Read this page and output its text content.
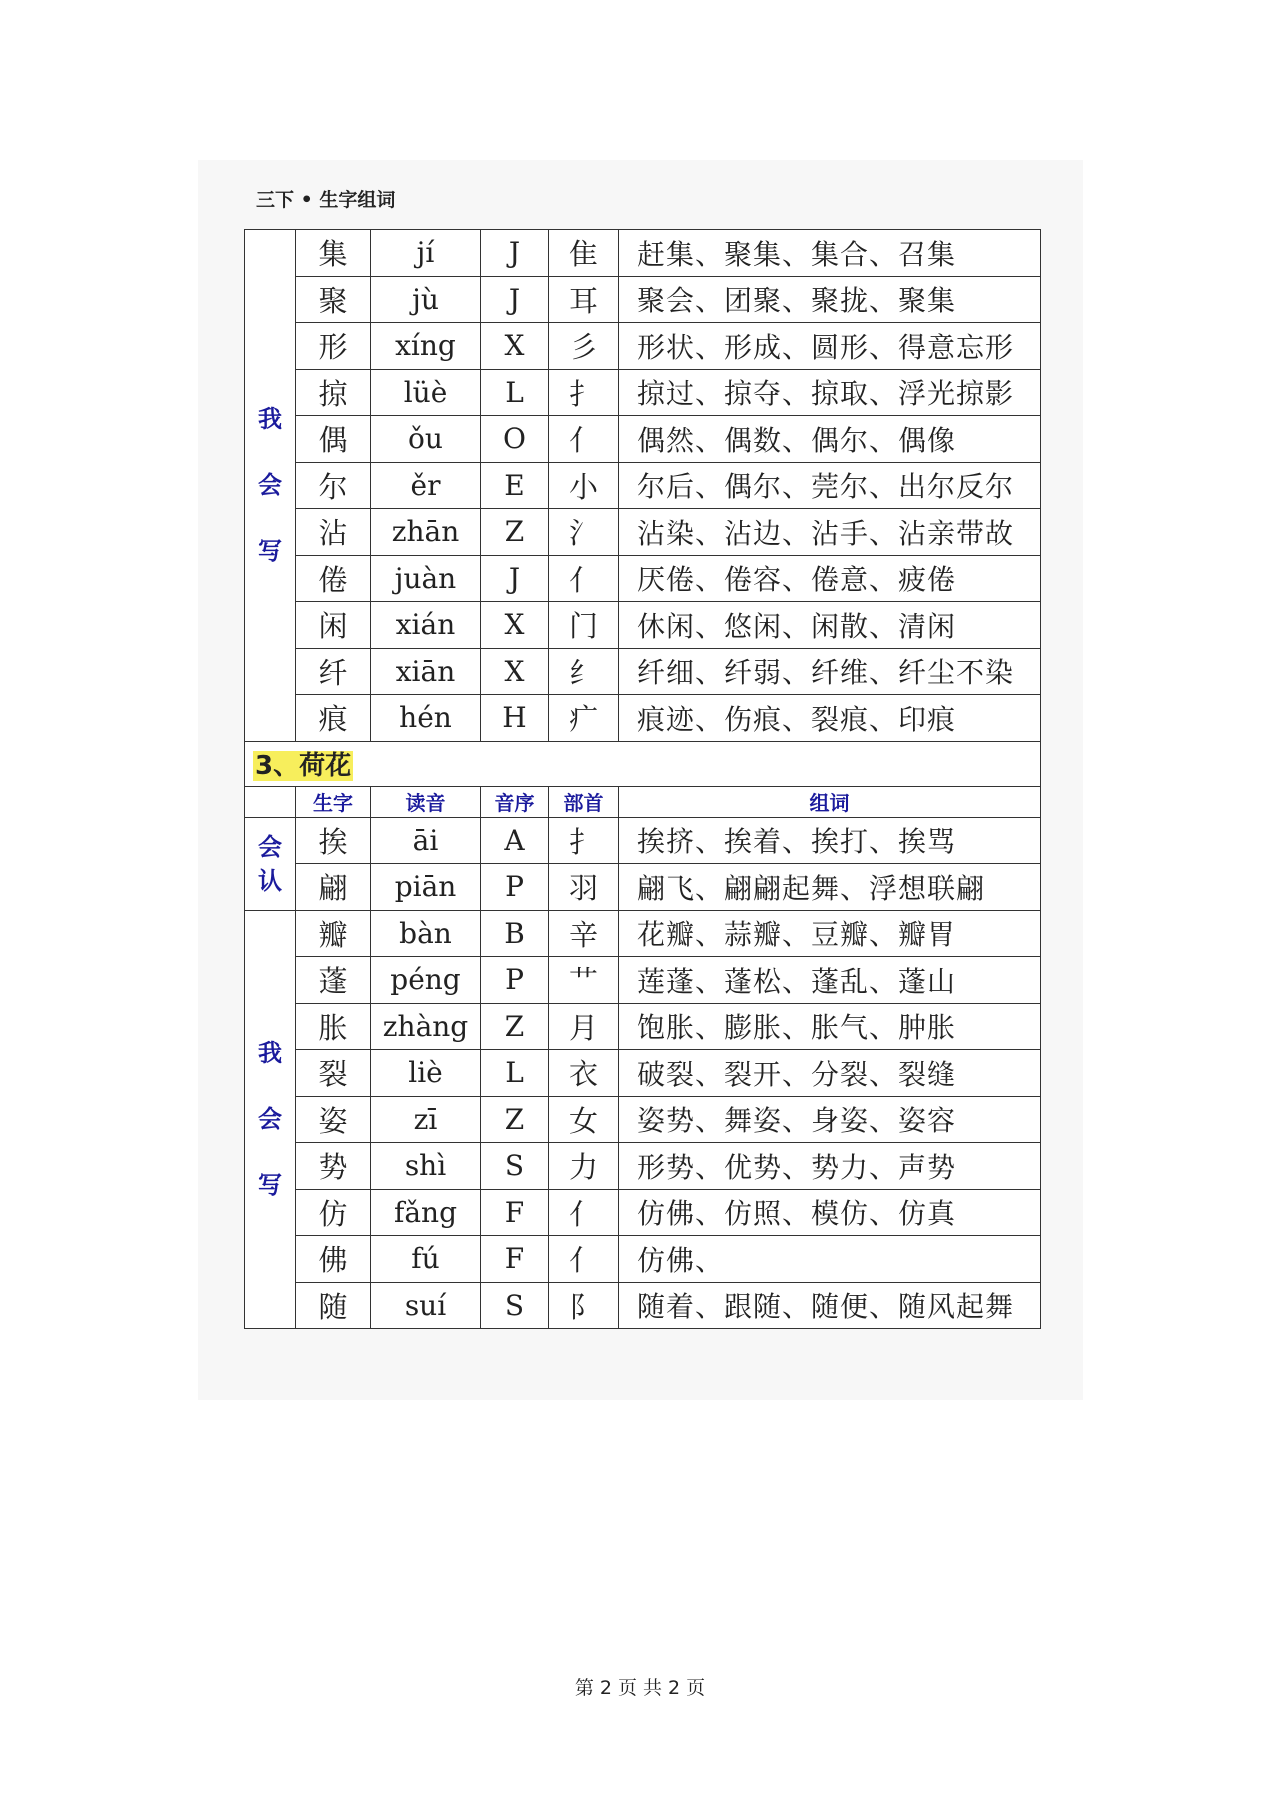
三下 • 生字组词
我
会
写	集	jí	J	隹	赶集、聚集、集合、召集
	聚	jù	J	耳	聚会、团聚、聚拢、聚集
	形	xíng	X	彡	形状、形成、圆形、得意忘形
	掠	lüè	L	扌	掠过、掠夺、掠取、浮光掠影
	偶	ǒu	O	亻	偶然、偶数、偶尔、偶像
	尔	ěr	E	小	尔后、偶尔、莞尔、出尔反尔
	沾	zhān	Z	氵	沾染、沾边、沾手、沾亲带故
	倦	juàn	J	亻	厌倦、倦容、倦意、疲倦
	闲	xián	X	门	休闲、悠闲、闲散、清闲
	纤	xiān	X	纟	纤细、纤弱、纤维、纤尘不染
	痕	hén	H	疒	痕迹、伤痕、裂痕、印痕
3、荷花					
	生字	读音	音序	部首	组词

会
认	挨	āi	A	扌	挨挤、挨着、挨打、挨骂
	翩	piān	P	羽	翩飞、翩翩起舞、浮想联翩

我
会
写	瓣	bàn	B	辛	花瓣、蒜瓣、豆瓣、瓣胃
	蓬	péng	P	艹	莲蓬、蓬松、蓬乱、蓬山
	胀	zhàng	Z	月	饱胀、膨胀、胀气、肿胀
	裂	liè	L	衣	破裂、裂开、分裂、裂缝
	姿	zī	Z	女	姿势、舞姿、身姿、姿容
	势	shì	S	力	形势、优势、势力、声势
	仿	fǎng	F	亻	仿佛、仿照、模仿、仿真
	佛	fú	F	亻	仿佛、
	随	suí	S	阝	随着、跟随、随便、随风起舞
第 2 页 共 2 页
